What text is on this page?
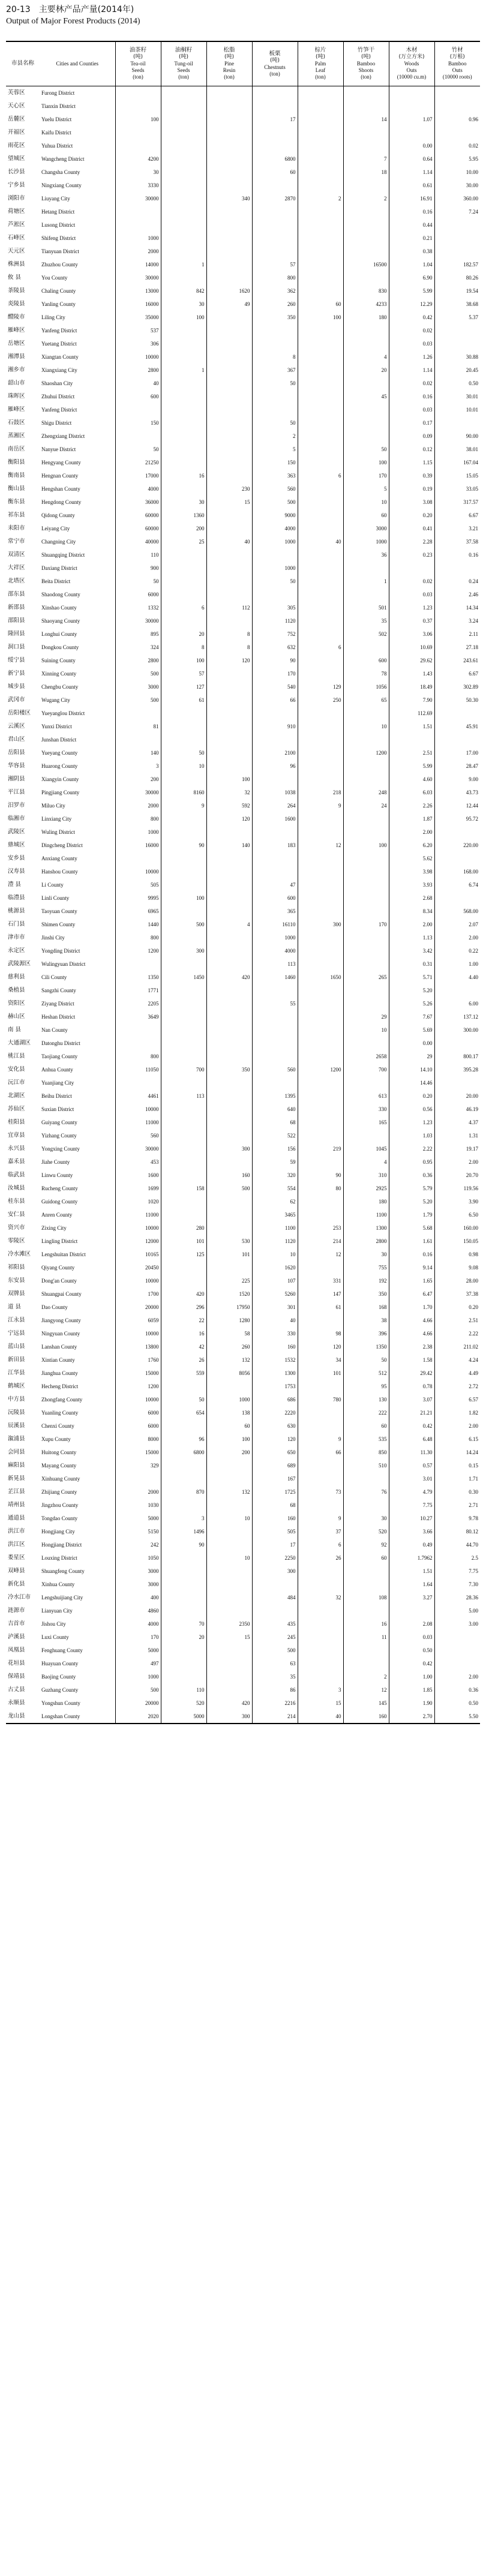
20-13 主要林产品产量(2014年)
Output of Major Forest Products (2014)
市县名称	Cities and Counties	油茶籽
(吨)
Tea-oil
Seeds
(ton)	油桐籽
(吨)
Tung-oil
Seeds
(ton)	松脂
(吨)
Pine
Resin
(ton)	板栗
(吨)
Chestnuts
(ton)	棕片
(吨)
Palm
Leaf
(ton)	竹笋干
(吨)
Bamboo
Shoots
(ton)	木材
(万立方米)
Woods
Outs
(10000 cu.m)	竹材
(万根)
Bamboo
Outs
(10000 roots)

芙蓉区	Furong District								
天心区	Tianxin District								
岳麓区	Yuelu District	100			17		14	1.07	0.96
开福区	Kaifu District								
雨花区	Yuhua District							0.00	0.02
望城区	Wangcheng District	4200			6800		7	0.64	5.95
长沙县	Changsha County	30			60		18	1.14	10.00
宁乡县	Ningxiang County	3330						0.61	30.00
浏阳市	Liuyang City	30000		340	2870	2	2	16.91	360.00
荷塘区	Hetang District							0.16	7.24
芦淞区	Lusong District							0.44	
石峰区	Shifeng District	1000						0.21	
天元区	Tianyuan District	2000						0.38	
株洲县	Zhuzhou County	14000	1		57		16500	1.04	182.57
攸 县	You County	30000			800			6.90	80.26
茶陵县	Chaling County	13000	842	1620	362		830	5.99	19.54
炎陵县	Yanling County	16000	30	49	260	60	4233	12.29	38.68
醴陵市	Liling City	35000	100		350	100	180	0.42	5.37
雁峰区	Yanfeng District	537						0.02	
岳塘区	Yuetang District	306						0.03	
湘潭县	Xiangtan County	10000			8		4	1.26	30.88
湘乡市	Xiangxiang City	2800	1		367		20	1.14	20.45
韶山市	Shaoshan City	40			50			0.02	0.50
珠晖区	Zhuhui District	600					45	0.16	30.01
雁峰区	Yanfeng District							0.03	10.01
石鼓区	Shigu District	150			50			0.17	
蒸湘区	Zhengxiang District				2			0.09	90.00
南岳区	Nanyue District	50			5		50	0.12	38.01
衡阳县	Hengyang County	21250			150		100	1.15	167.04
衡南县	Hengnan County	17000	16		363	6	170	0.39	15.05
衡山县	Hengshan County	4000		230	560		5	0.19	33.05
衡东县	Hengdong County	36000	30	15	500		10	3.08	317.57
祁东县	Qidong County	60000	1360		9000		60	0.20	6.67
耒阳市	Leiyang City	60000	200		4000		3000	0.41	3.21
常宁市	Changning City	40000	25	40	1000	40	1000	2.28	37.58
双清区	Shuangqing District	110					36	0.23	0.16
大祥区	Daxiang District	900			1000				
北塔区	Beita District	50			50		1	0.02	0.24
邵东县	Shaodong County	6000						0.03	2.46
新邵县	Xinshao County	1332	6	112	305		501	1.23	14.34
邵阳县	Shaoyang County	30000			1120		35	0.37	3.24
隆回县	Longhui County	895	20	8	752		502	3.06	2.11
洞口县	Dongkou County	324	8	8	632	6		10.69	27.18
绥宁县	Suining County	2800	100	120	90		600	29.62	243.61
新宁县	Xinning County	500	57		170		78	1.43	6.67
城步县	Chengbu County	3000	127		540	129	1056	18.49	302.89
武冈市	Wugang City	500	61		66	250	65	7.90	50.30
岳阳楼区	Yueyanglou District							112.69	
云溪区	Yunxi District	81			910		10	1.51	45.91
君山区	Junshan District								
岳阳县	Yueyang County	140	50		2100		1200	2.51	17.00
华容县	Huarong County	3	10		96			5.99	28.47
湘阴县	Xiangyin County	200		100				4.60	9.00
平江县	Pingjiang County	30000	8160	32	1038	218	248	6.03	43.73
汨罗市	Miluo City	2000	9	592	264	9	24	2.26	12.44
临湘市	Linxiang City	800		120	1600			1.87	95.72
武陵区	Wuling District	1000						2.00	
鼎城区	Dingcheng District	16000	90	140	183	12	100	6.20	220.00
安乡县	Anxiang County							5.62	
汉寿县	Hanshou County	10000						3.98	168.00
澧 县	Li County	505			47			3.93	6.74
临澧县	Linli County	9995	100		600			2.68	
桃源县	Taoyuan County	6965			365			8.34	568.00
石门县	Shimen County	1440	500	4	16110	300	170	2.00	2.07
津市市	Jinshi City	800			1000			1.13	2.00
永定区	Yongding District	1200	300		4000			3.42	0.22
武陵源区	Wulingyuan District				113			0.31	1.00
慈利县	Cili County	1350	1450	420	1460	1650	265	5.71	4.40
桑植县	Sangzhi County	1771						5.20	
资阳区	Ziyang District	2205			55			5.26	6.00
赫山区	Heshan District	3649					29	7.67	137.12
南 县	Nan County						10	5.69	300.00
大通湖区	Datonghu District							0.00	
桃江县	Taojiang County	800					2658	29	800.17
安化县	Anhua County	11050	700	350	560	1200	700	14.10	395.28
沅江市	Yuanjiang City							14.46	
北湖区	Beihu District	4461	113		1395		613	0.20	20.00
苏仙区	Suxian District	10000			640		330	0.56	46.19
桂阳县	Guiyang County	11000			68		165	1.23	4.37
宜章县	Yizhang County	560			522			1.03	1.31
永兴县	Yongxing County	30000		300	156	219	1045	2.22	19.17
嘉禾县	Jiahe County	453			59		4	0.95	2.00
临武县	Linwu County	1600		160	320	90	310	0.36	20.70
汝城县	Rucheng County	1699	158	500	554	80	2925	5.79	119.56
桂东县	Guidong County	1020			62		180	5.20	3.90
安仁县	Anren County	11000			3465		1100	1.79	6.50
资兴市	Zixing City	10000	280		1100	253	1300	5.68	160.00
零陵区	Lingling District	12000	101	530	1120	214	2800	1.61	150.05
冷水滩区	Lengshuitan District	10165	125	101	10	12	30	0.16	0.98
祁阳县	Qiyang County	20450			1620		755	9.14	9.08
东安县	Dong'an County	10000		225	107	331	192	1.65	28.00
双牌县	Shuangpai County	1700	420	1520	5260	147	350	6.47	37.38
道 县	Dao County	20000	296	17950	301	61	168	1.70	0.20
江永县	Jiangyong County	6059	22	1280	40		38	4.66	2.51
宁远县	Ningyuan County	10000	16	58	330	98	396	4.66	2.22
蓝山县	Lanshan County	13800	42	260	160	120	1350	2.38	211.02
新田县	Xintian County	1760	26	132	1532	34	50	1.58	4.24
江华县	Jianghua County	15000	559	8056	1300	101	512	29.42	4.49
鹤城区	Hecheng District	1200			1753		95	0.78	2.72
中方县	Zhongfang County	10000	50	1000	686	780	130	3.07	6.57
沅陵县	Yuanling County	6000	654	138	2220		222	21.21	1.82
辰溪县	Chenxi County	6000		60	630		60	0.42	2.00
溆浦县	Xupu County	8000	96	100	120	9	535	6.48	6.15
会同县	Huitong County	15000	6800	200	650	66	850	11.30	14.24
麻阳县	Mayang County	329			689		510	0.57	0.15
新晃县	Xinhuang County				167			3.01	1.71
芷江县	Zhijiang County	2000	870	132	1725	73	76	4.79	0.30
靖州县	Jingzhou County	1030			68			7.75	2.71
通道县	Tongdao County	5000	3	10	160	9	30	10.27	9.78
洪江市	Hongjiang City	5150	1496		505	37	520	3.66	80.12
洪江区	Hongjiang District	242	90		17	6	92	0.49	44.70
娄星区	Louxing District	1050		10	2250	26	60	1.7962	2.5
双峰县	Shuangfeng County	3000			300			1.51	7.75
新化县	Xinhua County	3000						1.64	7.30
冷水江市	Lengshuijiang City	400			484	32	108	3.27	28.36
涟源市	Lianyuan City	4860							5.00
吉首市	Jishou City	4000	70	2350	435		16	2.08	3.00
泸溪县	Luxi County	170	20	15	245		11	0.03	
凤凰县	Fenghuang County	5000			500			0.50	
花垣县	Huayuan County	497			63			0.42	
保靖县	Baojing County	1000			35		2	1.00	2.00
古丈县	Guzhang County	500	110		86	3	12	1.85	0.36
永顺县	Yongshun County	20000	520	420	2216	15	145	1.90	0.50
龙山县	Longshan County	2020	5000	300	214	40	160	2.70	5.50
